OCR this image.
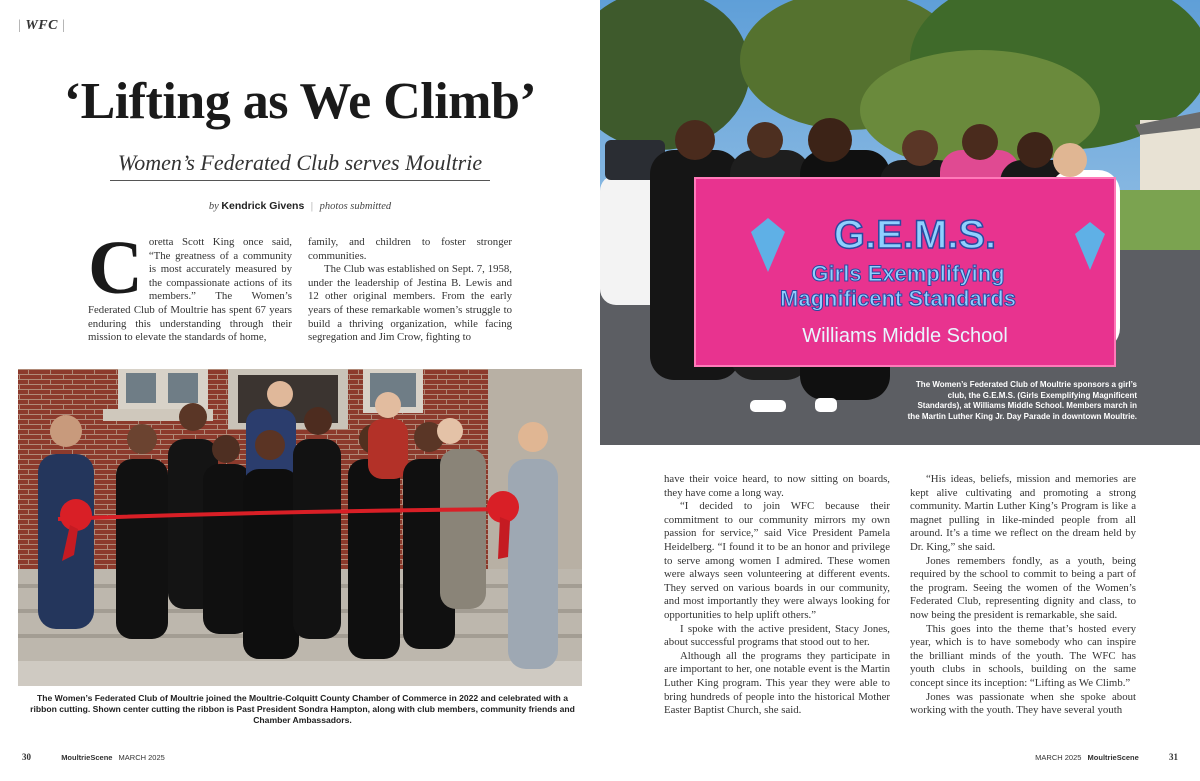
| WFC |
‘Lifting as We Climb’
Women’s Federated Club serves Moultrie
by Kendrick Givens | photos submitted
C oretta Scott King once said, “The greatness of a community is most accurately measured by the compassionate actions of its members.” The Women’s Federated Club of Moultrie has spent 67 years enduring this understanding through their mission to elevate the standards of home,

family, and children to foster stronger communities.

The Club was established on Sept. 7, 1958, under the leadership of Jestina B. Lewis and 12 other original members. From the early years of these remarkable women’s struggle to build a thriving organization, while facing segregation and Jim Crow, fighting to

The Women’s Federated Club of Moultrie joined the Moultrie-Colquitt County Chamber of Commerce in 2022 and celebrated with a ribbon cutting. Shown center cutting the ribbon is Past President Sondra Hampton, along with club members, community friends and Chamber Ambassadors.
G.E.M.S.
Girls Exemplifying
Magnificent Standards
Williams Middle School
The Women’s Federated Club of Moultrie sponsors a girl’s club, the G.E.M.S. (Girls Exemplifying Magnificent Standards), at Williams Middle School. Members march in the Martin Luther King Jr. Day Parade in downtown Moultrie.

have their voice heard, to now sitting on boards, they have come a long way.

“I decided to join WFC because their commitment to our community mirrors my own passion for service,” said Vice President Pamela Heidelberg. “I found it to be an honor and privilege to serve among women I admired. These women were always seen volunteering at different events. They served on various boards in our community, and most importantly they were always looking for opportunities to help uplift others.”

I spoke with the active president, Stacy Jones, about successful programs that stood out to her.

Although all the programs they participate in are important to her, one notable event is the Martin Luther King program. This year they were able to bring hundreds of people into the historical Mother Easter Baptist Church, she said.

“His ideas, beliefs, mission and memories are kept alive cultivating and promoting a strong community. Martin Luther King’s Program is like a magnet pulling in like-minded people from all around. It’s a time we reflect on the dream held by Dr. King,” she said.

Jones remembers fondly, as a youth, being required by the school to commit to being a part of the program. Seeing the women of the Women’s Federated Club, representing dignity and class, to now being the president is remarkable, she said.

This goes into the theme that’s hosted every year, which is to have somebody who can inspire the brilliant minds of the youth. The WFC has youth clubs in schools, building on the same concept since its inception: “Lifting as We Climb.”

Jones was passionate when she spoke about working with the youth. They have several youth

30	MoultrieScene MARCH 2025	MARCH 2025 MoultrieScene	31
